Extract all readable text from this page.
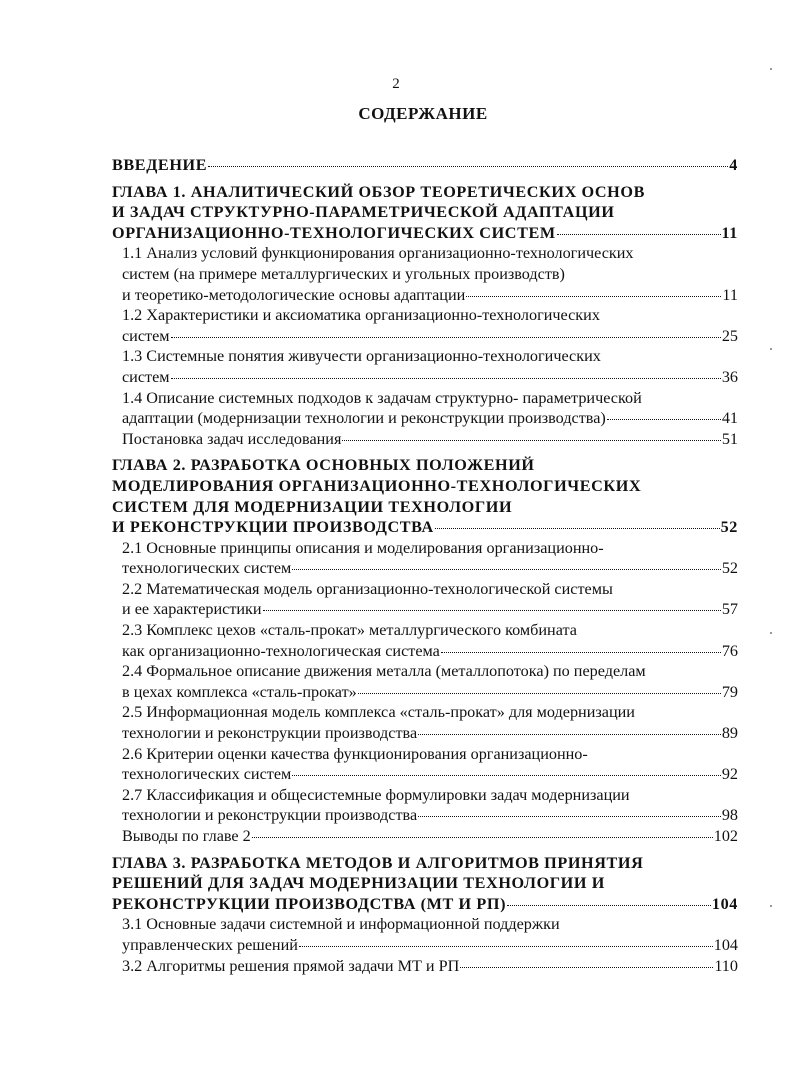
2
СОДЕРЖАНИЕ
ВВЕДЕНИЕ	4
ГЛАВА 1. АНАЛИТИЧЕСКИЙ ОБЗОР ТЕОРЕТИЧЕСКИХ ОСНОВ
И ЗАДАЧ СТРУКТУРНО-ПАРАМЕТРИЧЕСКОЙ АДАПТАЦИИ
ОРГАНИЗАЦИОННО-ТЕХНОЛОГИЧЕСКИХ СИСТЕМ	11
1.1 Анализ условий функционирования организационно-технологических
систем (на примере металлургических и угольных производств)
и теоретико-методологические основы адаптации	11
1.2 Характеристики и аксиоматика организационно-технологических
систем	25
1.3 Системные понятия живучести организационно-технологических
систем	36
1.4 Описание системных подходов к задачам структурно- параметрической
адаптации (модернизации технологии и реконструкции производства)	41
Постановка задач исследования	51
ГЛАВА 2. РАЗРАБОТКА ОСНОВНЫХ ПОЛОЖЕНИЙ
МОДЕЛИРОВАНИЯ ОРГАНИЗАЦИОННО-ТЕХНОЛОГИЧЕСКИХ
СИСТЕМ ДЛЯ МОДЕРНИЗАЦИИ ТЕХНОЛОГИИ
И РЕКОНСТРУКЦИИ ПРОИЗВОДСТВА	52
2.1 Основные принципы описания и моделирования организационно-
технологических систем	52
2.2 Математическая модель организационно-технологической системы
и ее характеристики	57
2.3 Комплекс цехов «сталь-прокат» металлургического комбината
как организационно-технологическая система	76
2.4 Формальное описание движения металла (металлопотока) по переделам
в цехах комплекса «сталь-прокат»	79
2.5 Информационная модель комплекса «сталь-прокат» для модернизации
технологии и реконструкции производства	89
2.6 Критерии оценки качества функционирования организационно-
технологических систем	92
2.7 Классификация и общесистемные формулировки задач модернизации
технологии и реконструкции производства	98
Выводы по главе 2	102
ГЛАВА 3. РАЗРАБОТКА МЕТОДОВ И АЛГОРИТМОВ ПРИНЯТИЯ
РЕШЕНИЙ ДЛЯ ЗАДАЧ МОДЕРНИЗАЦИИ ТЕХНОЛОГИИ И
РЕКОНСТРУКЦИИ ПРОИЗВОДСТВА (МТ И РП)	104
3.1 Основные задачи системной и информационной поддержки
управленческих решений	104
3.2 Алгоритмы решения прямой задачи МТ и РП	110
